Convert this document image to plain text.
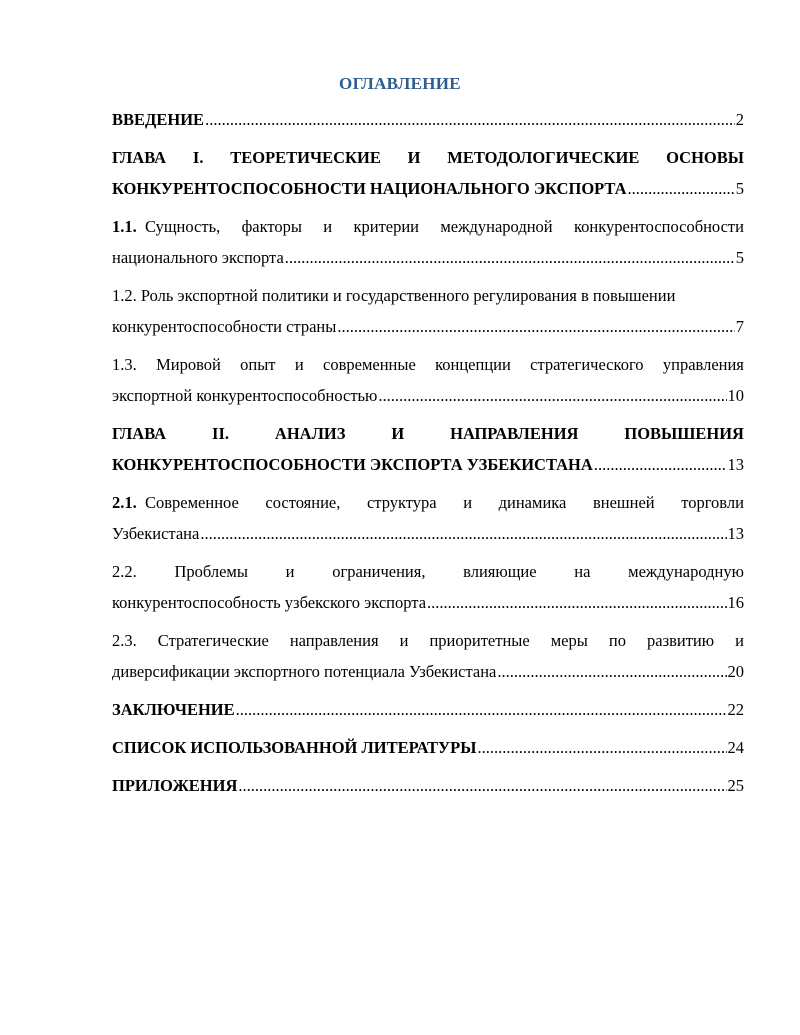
ОГЛАВЛЕНИЕ
ВВЕДЕНИЕ .....	2
ГЛАВА I. ТЕОРЕТИЧЕСКИЕ И МЕТОДОЛОГИЧЕСКИЕ ОСНОВЫ
КОНКУРЕНТОСПОСОБНОСТИ НАЦИОНАЛЬНОГО ЭКСПОРТА .....	5
1.1. Сущность, факторы и критерии международной конкурентоспособности
национального экспорта .....	5
1.2. Роль экспортной политики и государственного регулирования в повышении
конкурентоспособности страны .....	7
1.3. Мировой опыт и современные концепции стратегического управления
экспортной конкурентоспособностью .....	10
ГЛАВА	II.	АНАЛИЗ	И	НАПРАВЛЕНИЯ	ПОВЫШЕНИЯ
КОНКУРЕНТОСПОСОБНОСТИ ЭКСПОРТА УЗБЕКИСТАНА .....	13
2.1. Современное состояние, структура и динамика внешней торговли
Узбекистана .....	13
2.2. Проблемы и ограничения, влияющие на международную
конкурентоспособность узбекского экспорта .....	16
2.3. Стратегические направления и приоритетные меры по развитию и
диверсификации экспортного потенциала Узбекистана .....	20
ЗАКЛЮЧЕНИЕ .....	22
СПИСОК ИСПОЛЬЗОВАННОЙ ЛИТЕРАТУРЫ .....	24
ПРИЛОЖЕНИЯ .....	25
